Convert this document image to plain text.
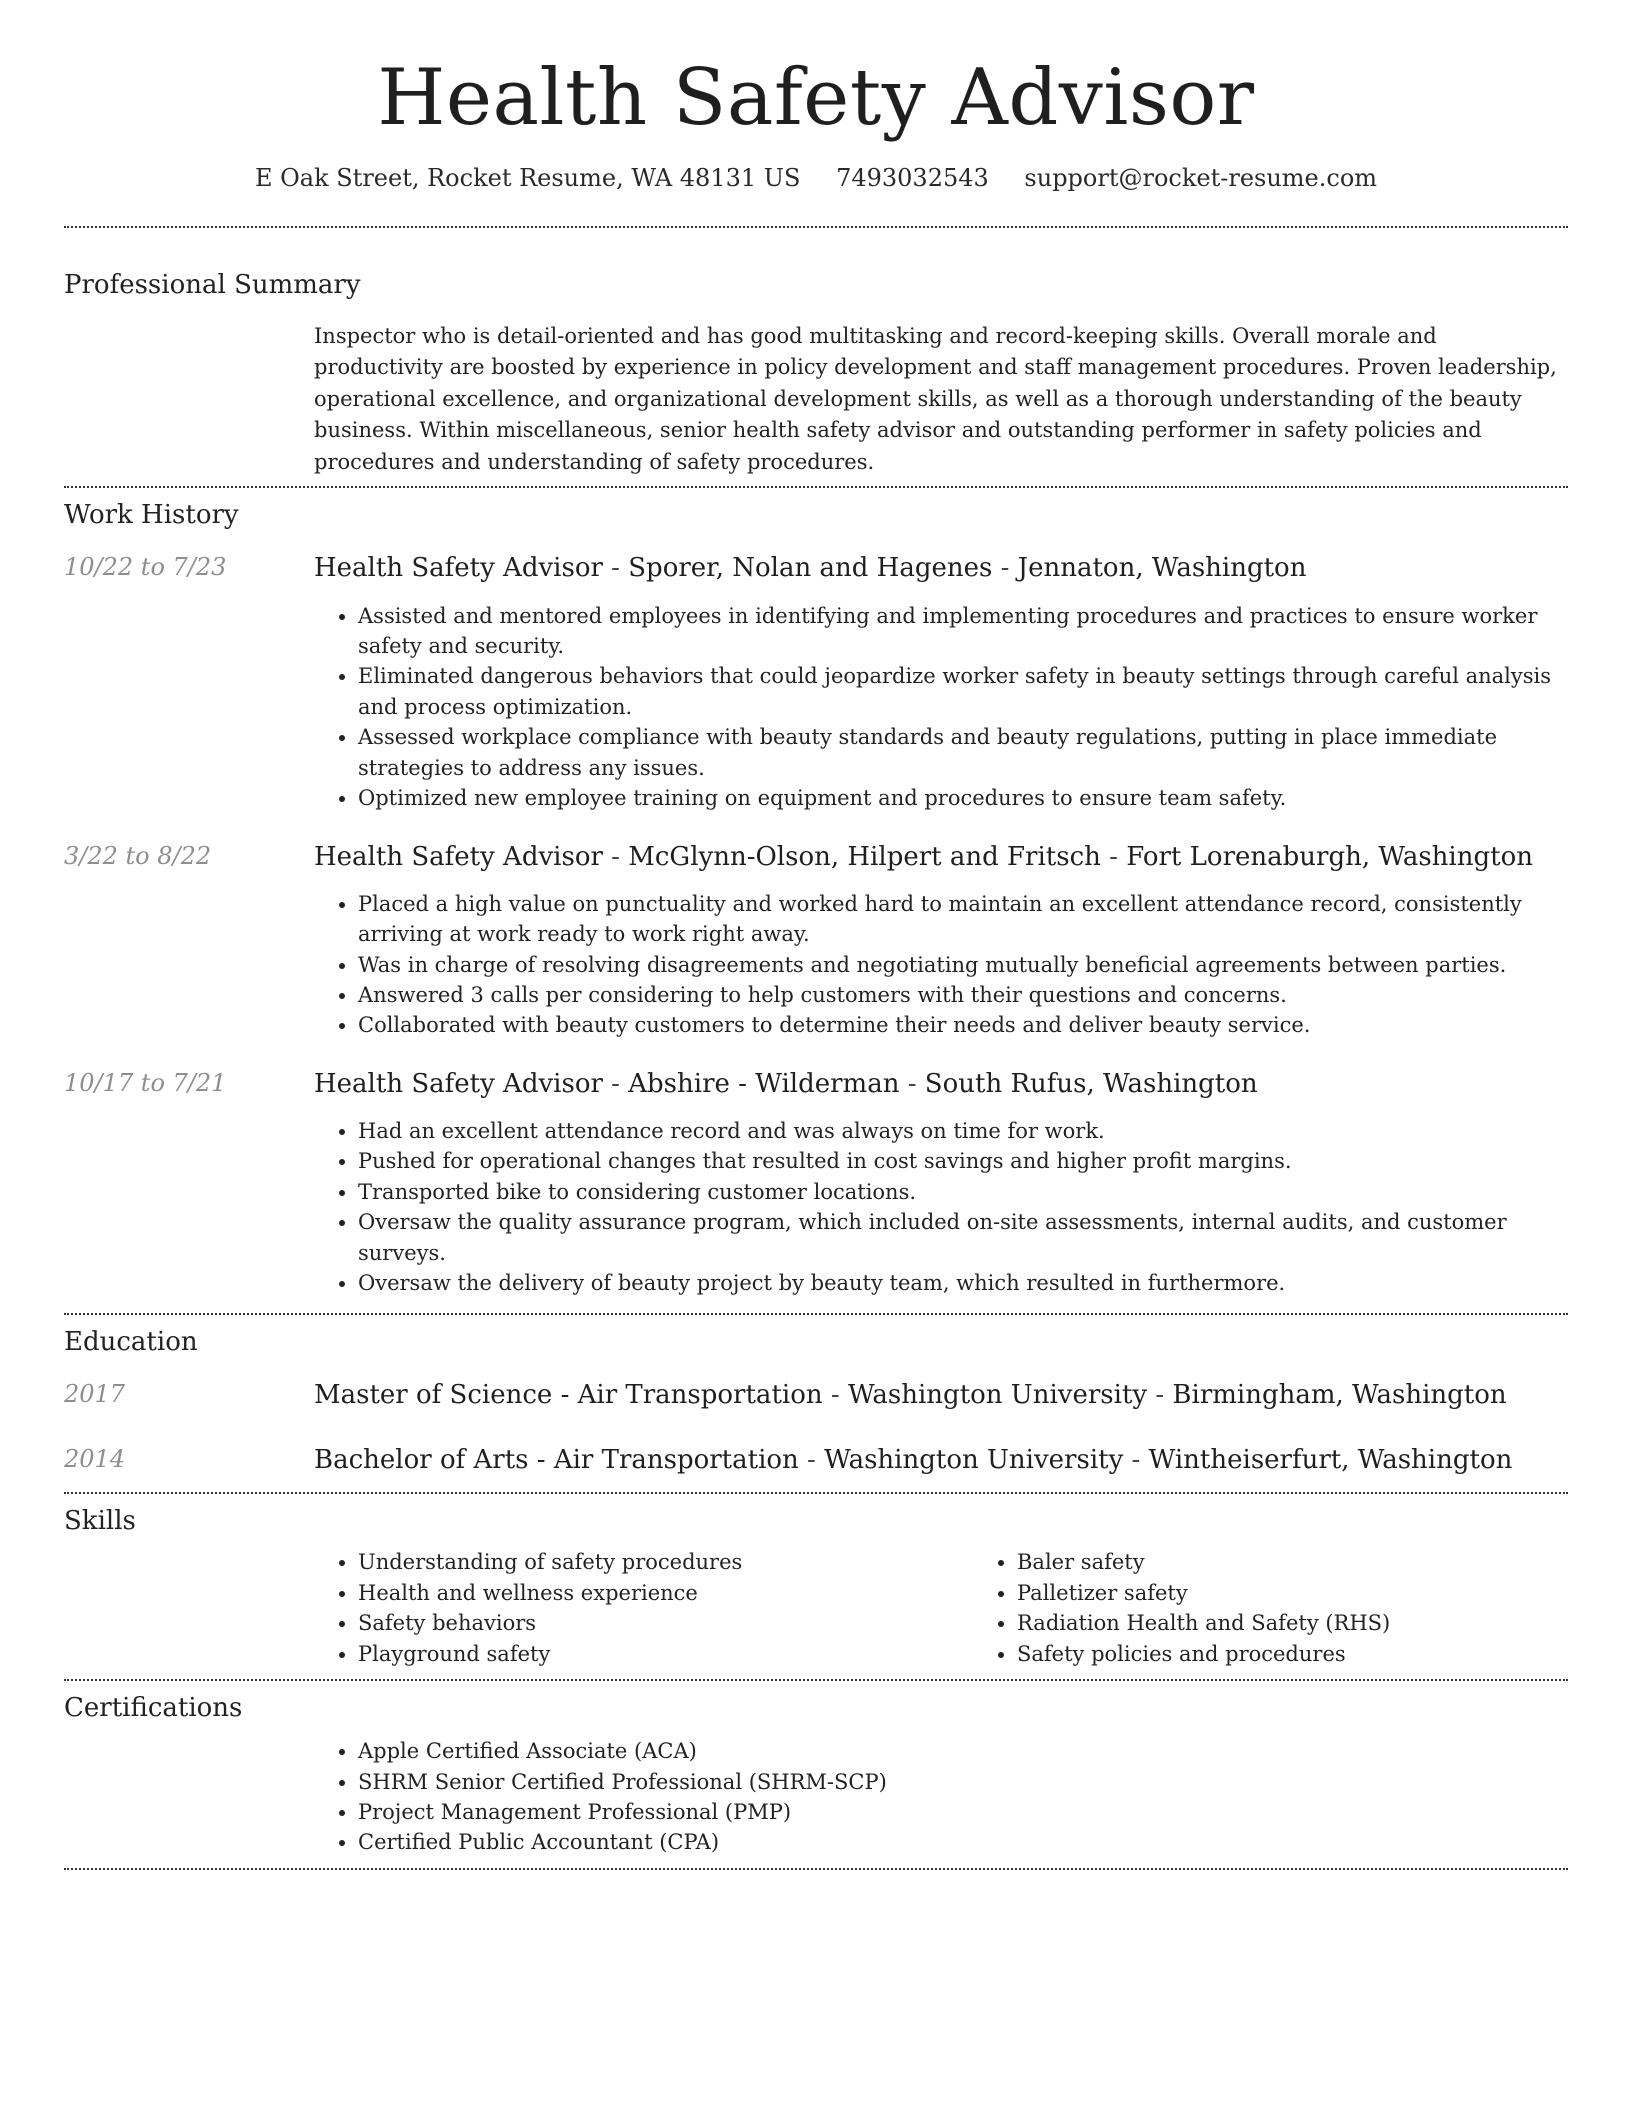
Health Safety Advisor
E Oak Street, Rocket Resume, WA 48131 US 7493032543 support@rocket-resume.com
Professional Summary
Inspector who is detail-oriented and has good multitasking and record-keeping skills. Overall morale and productivity are boosted by experience in policy development and staff management procedures. Proven leadership, operational excellence, and organizational development skills, as well as a thorough understanding of the beauty business. Within miscellaneous, senior health safety advisor and outstanding performer in safety policies and procedures and understanding of safety procedures.
Work History
10/22 to 7/23	Health Safety Advisor - Sporer, Nolan and Hagenes - Jennaton, Washington
• Assisted and mentored employees in identifying and implementing procedures and practices to ensure worker safety and security.
• Eliminated dangerous behaviors that could jeopardize worker safety in beauty settings through careful analysis and process optimization.
• Assessed workplace compliance with beauty standards and beauty regulations, putting in place immediate strategies to address any issues.
• Optimized new employee training on equipment and procedures to ensure team safety.
3/22 to 8/22	Health Safety Advisor - McGlynn-Olson, Hilpert and Fritsch - Fort Lorenaburgh, Washington
• Placed a high value on punctuality and worked hard to maintain an excellent attendance record, consistently arriving at work ready to work right away.
• Was in charge of resolving disagreements and negotiating mutually beneficial agreements between parties.
• Answered 3 calls per considering to help customers with their questions and concerns.
• Collaborated with beauty customers to determine their needs and deliver beauty service.
10/17 to 7/21	Health Safety Advisor - Abshire - Wilderman - South Rufus, Washington
• Had an excellent attendance record and was always on time for work.
• Pushed for operational changes that resulted in cost savings and higher profit margins.
• Transported bike to considering customer locations.
• Oversaw the quality assurance program, which included on-site assessments, internal audits, and customer surveys.
• Oversaw the delivery of beauty project by beauty team, which resulted in furthermore.
Education
2017	Master of Science - Air Transportation - Washington University - Birmingham, Washington
2014	Bachelor of Arts - Air Transportation - Washington University - Wintheiserfurt, Washington
Skills
• Understanding of safety procedures
• Health and wellness experience
• Safety behaviors
• Playground safety
• Baler safety
• Palletizer safety
• Radiation Health and Safety (RHS)
• Safety policies and procedures
Certifications
• Apple Certified Associate (ACA)
• SHRM Senior Certified Professional (SHRM-SCP)
• Project Management Professional (PMP)
• Certified Public Accountant (CPA)
